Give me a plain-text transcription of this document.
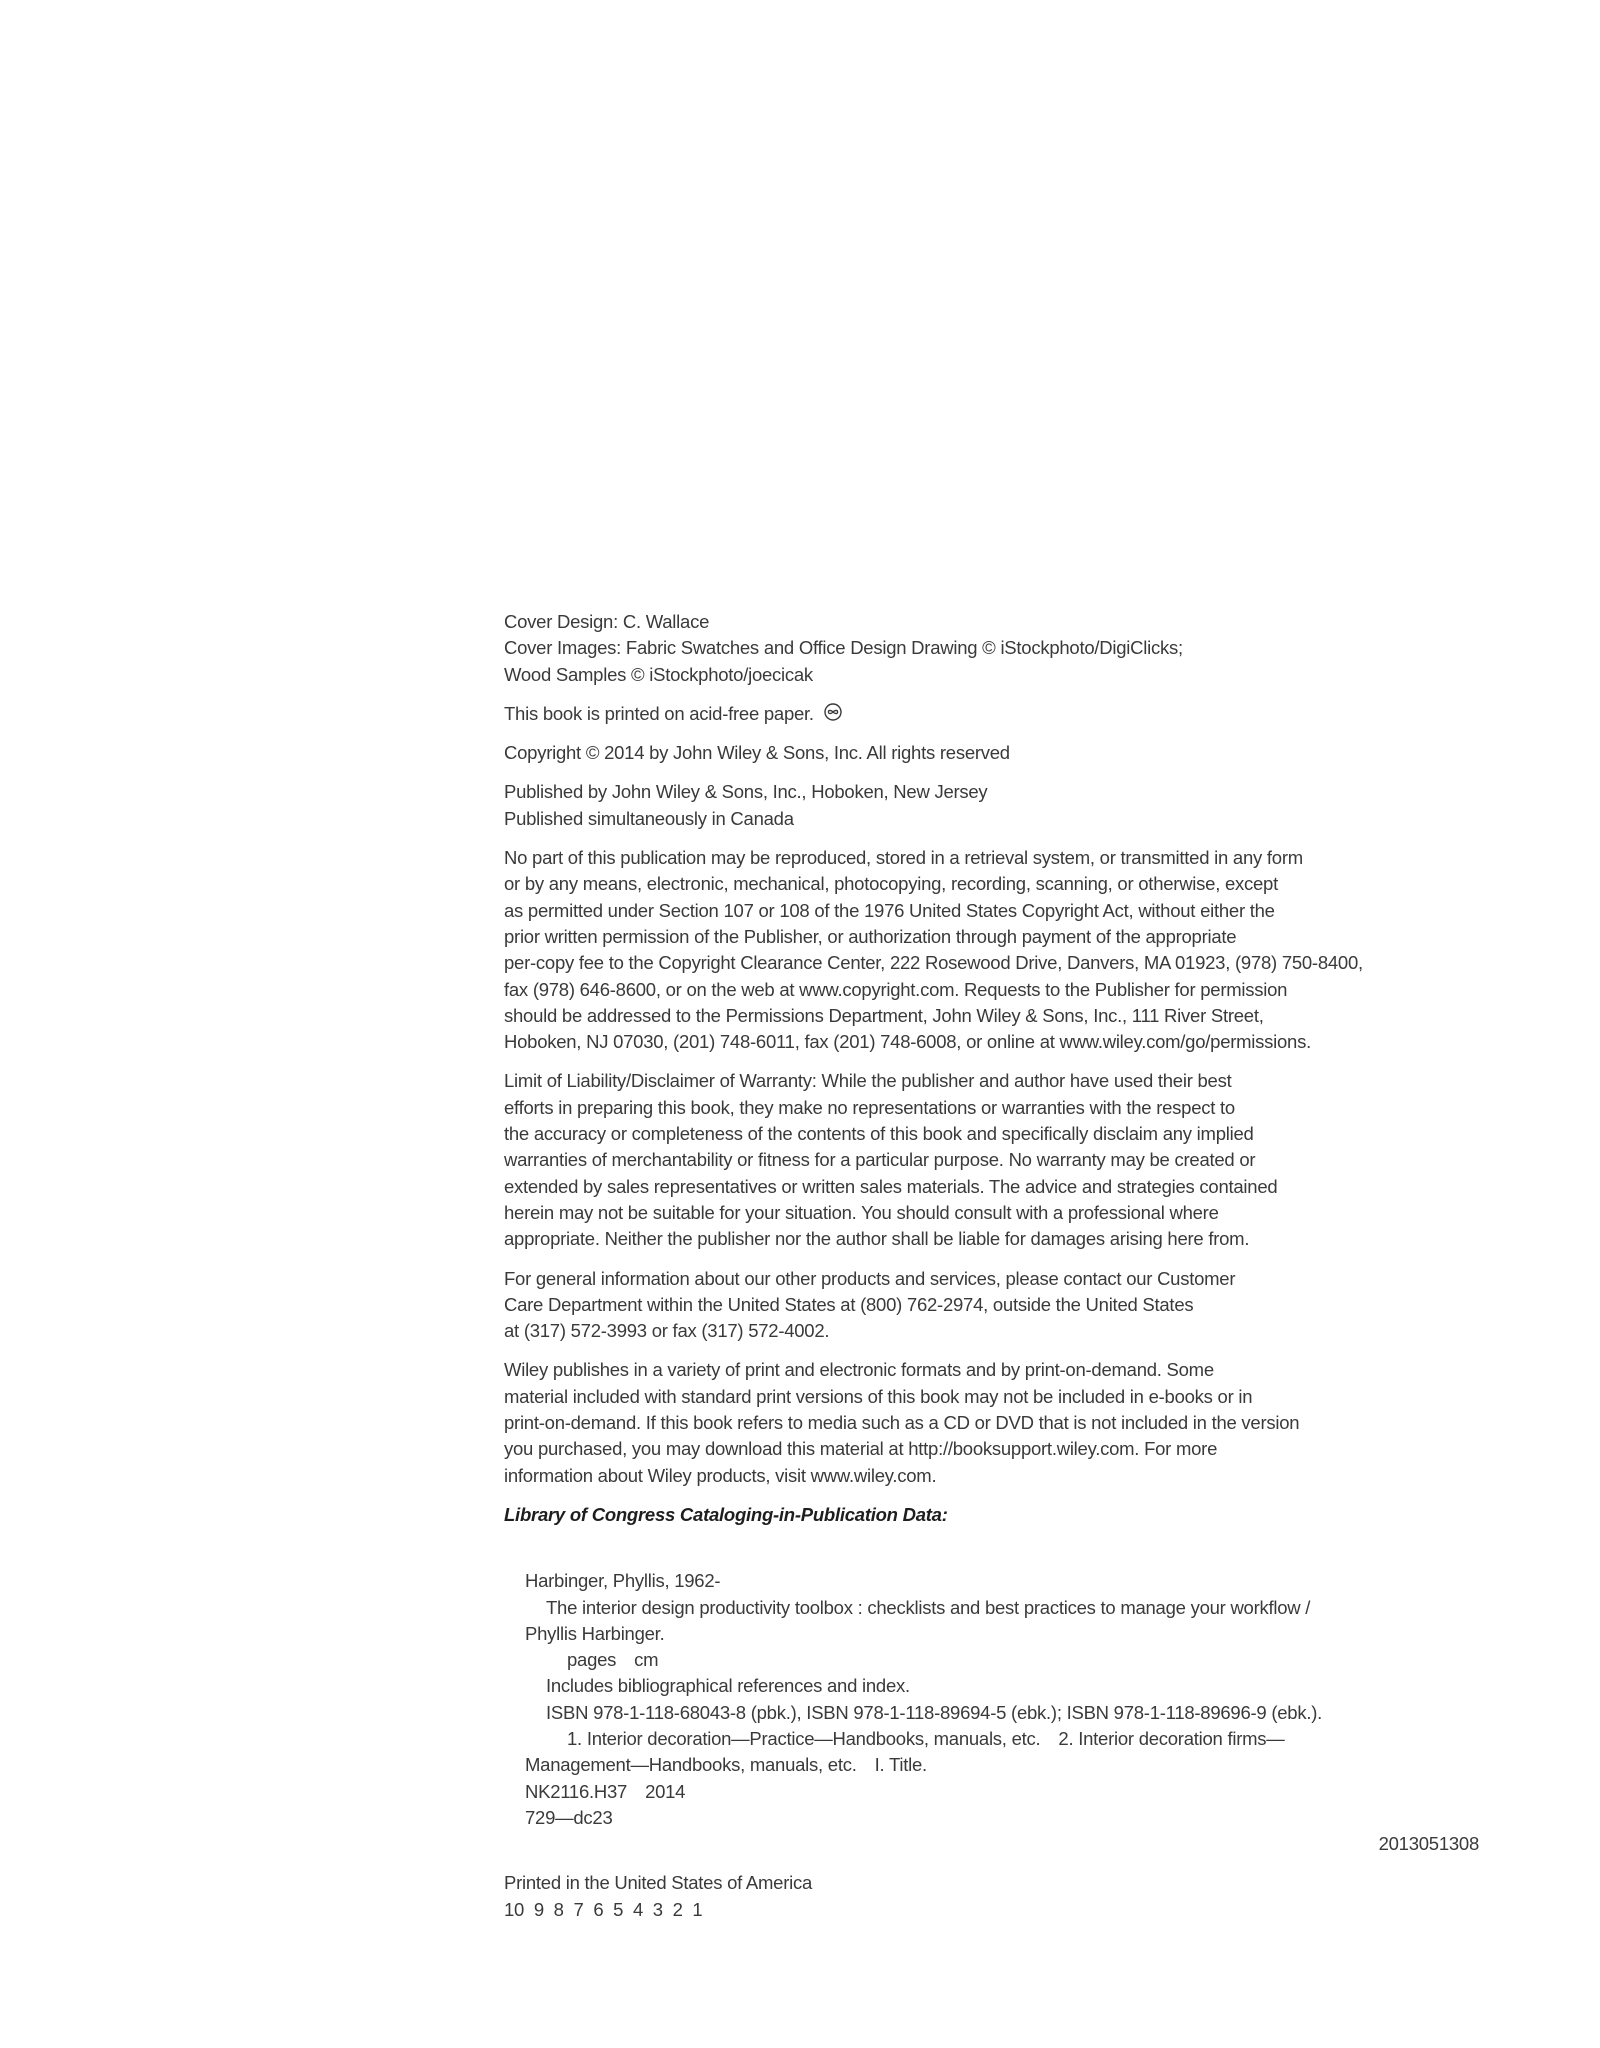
Cover Design: C. Wallace
Cover Images: Fabric Swatches and Office Design Drawing © iStockphoto/DigiClicks;
Wood Samples © iStockphoto/joecicak
This book is printed on acid-free paper.
Copyright © 2014 by John Wiley & Sons, Inc. All rights reserved
Published by John Wiley & Sons, Inc., Hoboken, New Jersey
Published simultaneously in Canada
No part of this publication may be reproduced, stored in a retrieval system, or transmitted in any form
or by any means, electronic, mechanical, photocopying, recording, scanning, or otherwise, except
as permitted under Section 107 or 108 of the 1976 United States Copyright Act, without either the
prior written permission of the Publisher, or authorization through payment of the appropriate
per-copy fee to the Copyright Clearance Center, 222 Rosewood Drive, Danvers, MA 01923, (978) 750-8400,
fax (978) 646-8600, or on the web at www.copyright.com. Requests to the Publisher for permission
should be addressed to the Permissions Department, John Wiley & Sons, Inc., 111 River Street,
Hoboken, NJ 07030, (201) 748-6011, fax (201) 748-6008, or online at www.wiley.com/go/permissions.
Limit of Liability/Disclaimer of Warranty: While the publisher and author have used their best
efforts in preparing this book, they make no representations or warranties with the respect to
the accuracy or completeness of the contents of this book and specifically disclaim any implied
warranties of merchantability or fitness for a particular purpose. No warranty may be created or
extended by sales representatives or written sales materials. The advice and strategies contained
herein may not be suitable for your situation. You should consult with a professional where
appropriate. Neither the publisher nor the author shall be liable for damages arising here from.
For general information about our other products and services, please contact our Customer
Care Department within the United States at (800) 762-2974, outside the United States
at (317) 572-3993 or fax (317) 572-4002.
Wiley publishes in a variety of print and electronic formats and by print-on-demand. Some
material included with standard print versions of this book may not be included in e-books or in
print-on-demand. If this book refers to media such as a CD or DVD that is not included in the version
you purchased, you may download this material at http://booksupport.wiley.com. For more
information about Wiley products, visit www.wiley.com.
Library of Congress Cataloging-in-Publication Data:
Harbinger, Phyllis, 1962-
The interior design productivity toolbox : checklists and best practices to manage your workflow /
Phyllis Harbinger.
pages cm
Includes bibliographical references and index.
ISBN 978-1-118-68043-8 (pbk.), ISBN 978-1-118-89694-5 (ebk.); ISBN 978-1-118-89696-9 (ebk.).
1. Interior decoration—Practice—Handbooks, manuals, etc. 2. Interior decoration firms—
Management—Handbooks, manuals, etc. I. Title.
NK2116.H37 2014
729—dc23
2013051308
Printed in the United States of America
10  9  8  7  6  5  4  3  2  1
